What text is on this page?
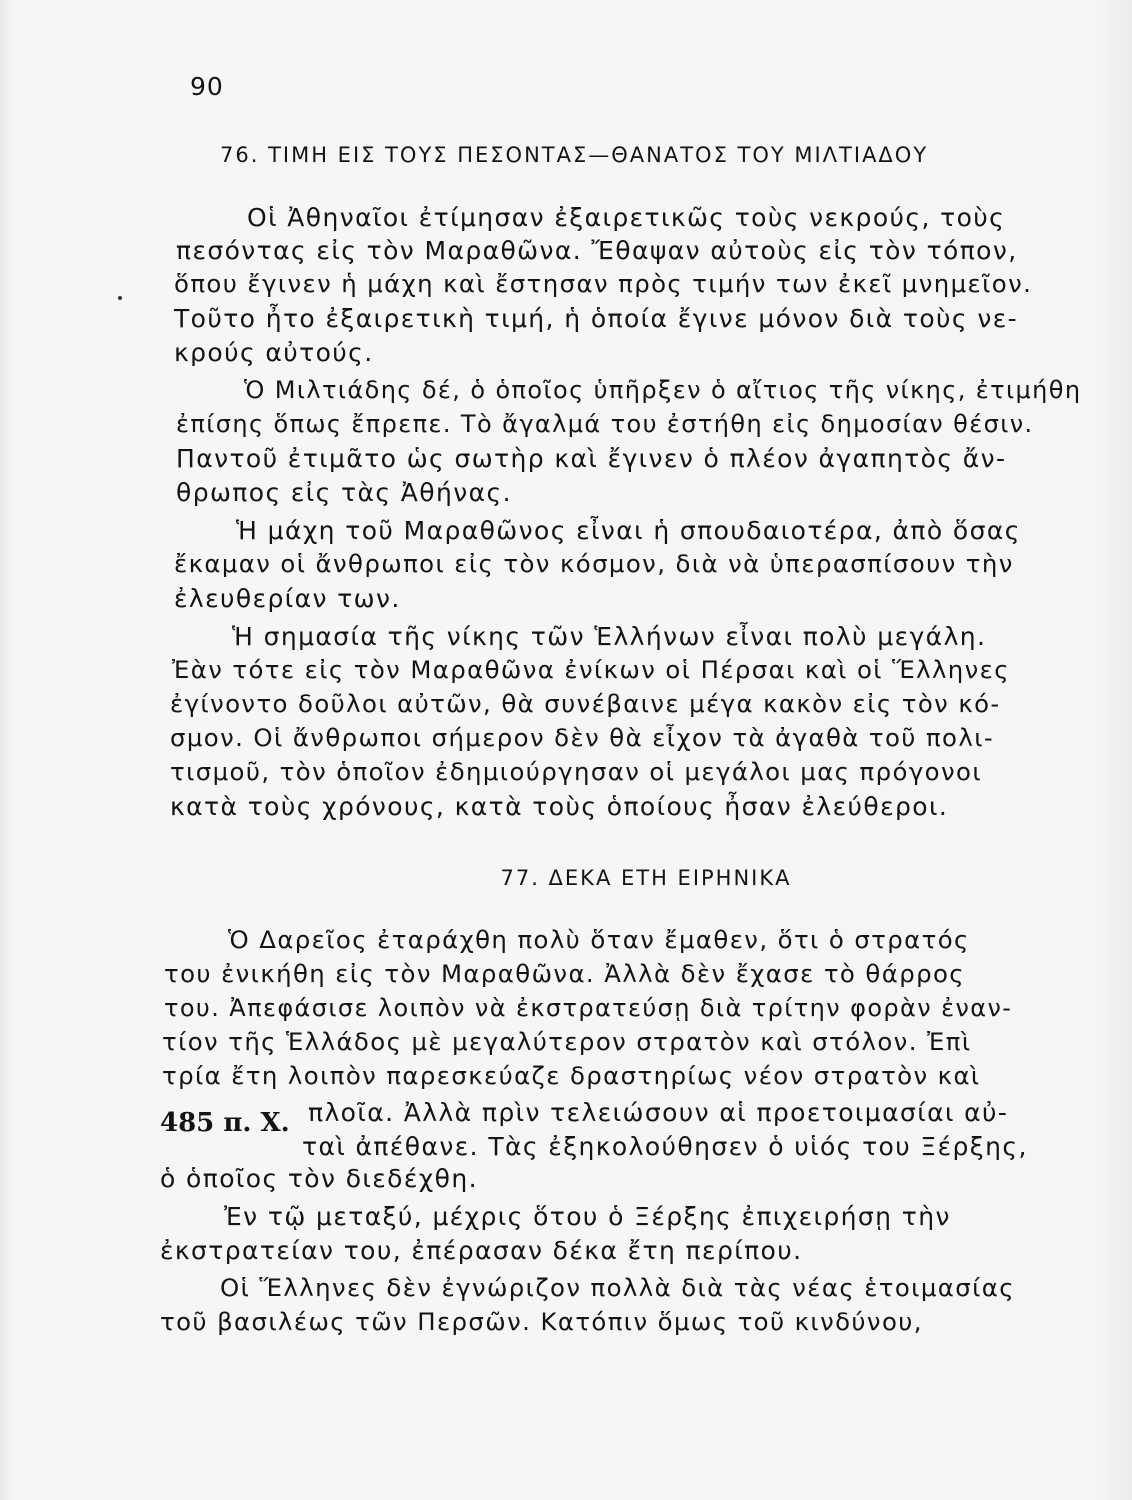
90
76. ΤΙΜΗ ΕΙΣ ΤΟΥΣ ΠΕΣΟΝΤΑΣ—ΘΑΝΑΤΟΣ ΤΟΥ ΜΙΛΤΙΑΔΟΥ
Οἱ Ἀθηναῖοι ἐτίμησαν ἐξαιρετικῶς τοὺς νεκρούς, τοὺς
πεσόντας εἰς τὸν Μαραθῶνα. Ἔθαψαν αὐτοὺς εἰς τὸν τόπον,
ὅπου ἔγινεν ἡ μάχη καὶ ἔστησαν πρὸς τιμήν των ἐκεῖ μνημεῖον.
Τοῦτο ἦτο ἐξαιρετικὴ τιμή, ἡ ὁποία ἔγινε μόνον διὰ τοὺς νε-
κρούς αὐτούς.
Ὁ Μιλτιάδης δέ, ὁ ὁποῖος ὑπῆρξεν ὁ αἴτιος τῆς νίκης, ἐτιμήθη
ἐπίσης ὅπως ἔπρεπε. Τὸ ἄγαλμά του ἐστήθη εἰς δημοσίαν θέσιν.
Παντοῦ ἐτιμᾶτο ὡς σωτὴρ καὶ ἔγινεν ὁ πλέον ἀγαπητὸς ἄν-
θρωπος εἰς τὰς Ἀθήνας.
Ἡ μάχη τοῦ Μαραθῶνος εἶναι ἡ σπουδαιοτέρα, ἀπὸ ὅσας
ἔκαμαν οἱ ἄνθρωποι εἰς τὸν κόσμον, διὰ νὰ ὑπερασπίσουν τὴν
ἐλευθερίαν των.
Ἡ σημασία τῆς νίκης τῶν Ἑλλήνων εἶναι πολὺ μεγάλη.
Ἐὰν τότε εἰς τὸν Μαραθῶνα ἐνίκων οἱ Πέρσαι καὶ οἱ Ἕλληνες
ἐγίνοντο δοῦλοι αὐτῶν, θὰ συνέβαινε μέγα κακὸν εἰς τὸν κό-
σμον. Οἱ ἄνθρωποι σήμερον δὲν θὰ εἶχον τὰ ἀγαθὰ τοῦ πολι-
τισμοῦ, τὸν ὁποῖον ἐδημιούργησαν οἱ μεγάλοι μας πρόγονοι
κατὰ τοὺς χρόνους, κατὰ τοὺς ὁποίους ἦσαν ἐλεύθεροι.
77. ΔΕΚΑ ΕΤΗ ΕΙΡΗΝΙΚΑ
Ὁ Δαρεῖος ἐταράχθη πολὺ ὅταν ἔμαθεν, ὅτι ὁ στρατός
του ἐνικήθη εἰς τὸν Μαραθῶνα. Ἀλλὰ δὲν ἔχασε τὸ θάρρος
του. Ἀπεφάσισε λοιπὸν νὰ ἐκστρατεύσῃ διὰ τρίτην φορὰν ἐναν-
τίον τῆς Ἑλλάδος μὲ μεγαλύτερον στρατὸν καὶ στόλον. Ἐπὶ
τρία ἔτη λοιπὸν παρεσκεύαζε δραστηρίως νέον στρατὸν καὶ
πλοῖα. Ἀλλὰ πρὶν τελειώσουν αἱ προετοιμασίαι αὐ-
ταὶ ἀπέθανε. Τὰς ἐξηκολούθησεν ὁ υἱός του Ξέρξης,
ὁ ὁποῖος τὸν διεδέχθη.
Ἐν τῷ μεταξύ, μέχρις ὅτου ὁ Ξέρξης ἐπιχειρήσῃ τὴν
ἐκστρατείαν του, ἐπέρασαν δέκα ἔτη περίπου.
Οἱ Ἕλληνες δὲν ἐγνώριζον πολλὰ διὰ τὰς νέας ἑτοιμασίας
τοῦ βασιλέως τῶν Περσῶν. Κατόπιν ὅμως τοῦ κινδύνου,
485 π. Χ.
